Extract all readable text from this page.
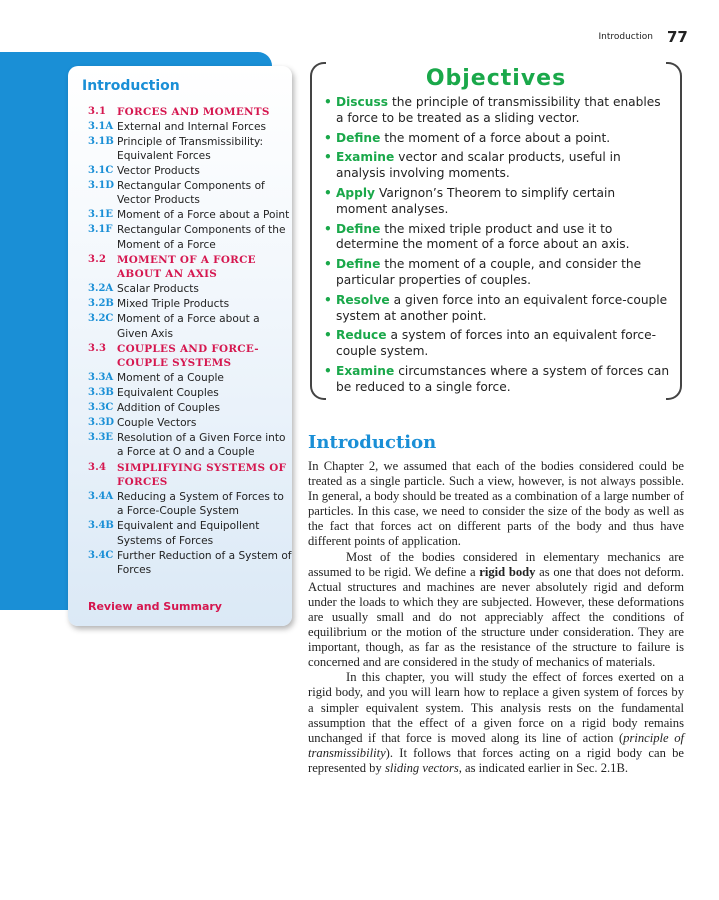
Introduction
3.1	FORCES AND MOMENTS
3.1A External and Internal Forces
3.1B Principle of Transmissibility: Equivalent Forces
3.1C Vector Products
3.1D Rectangular Components of Vector Products
3.1E Moment of a Force about a Point
3.1F Rectangular Components of the Moment of a Force
3.2	MOMENT OF A FORCE ABOUT AN AXIS
3.2A Scalar Products
3.2B Mixed Triple Products
3.2C Moment of a Force about a Given Axis
3.3	COUPLES AND FORCE-COUPLE SYSTEMS
3.3A Moment of a Couple
3.3B Equivalent Couples
3.3C Addition of Couples
3.3D Couple Vectors
3.3E Resolution of a Given Force into a Force at O and a Couple
3.4	SIMPLIFYING SYSTEMS OF FORCES
3.4A Reducing a System of Forces to a Force-Couple System
3.4B Equivalent and Equipollent Systems of Forces
3.4C Further Reduction of a System of Forces
Review and Summary
Introduction 77
Objectives
• Discuss the principle of transmissibility that enables a force to be treated as a sliding vector.
• Define the moment of a force about a point.
• Examine vector and scalar products, useful in analysis involving moments.
• Apply Varignon’s Theorem to simplify certain moment analyses.
• Define the mixed triple product and use it to determine the moment of a force about an axis.
• Define the moment of a couple, and consider the particular properties of couples.
• Resolve a given force into an equivalent force-couple system at another point.
• Reduce a system of forces into an equivalent force-couple system.
• Examine circumstances where a system of forces can be reduced to a single force.
Introduction

In Chapter 2, we assumed that each of the bodies considered could be treated as a single particle. Such a view, however, is not always possible. In general, a body should be treated as a combination of a large number of particles. In this case, we need to consider the size of the body as well as the fact that forces act on different parts of the body and thus have different points of application.

Most of the bodies considered in elementary mechanics are assumed to be rigid. We define a rigid body as one that does not deform. Actual structures and machines are never absolutely rigid and deform under the loads to which they are subjected. However, these deformations are usually small and do not appreciably affect the conditions of equilibrium or the motion of the structure under consideration. They are important, though, as far as the resistance of the structure to failure is concerned and are considered in the study of mechanics of materials.

In this chapter, you will study the effect of forces exerted on a rigid body, and you will learn how to replace a given system of forces by a simpler equivalent system. This analysis rests on the fundamental assumption that the effect of a given force on a rigid body remains unchanged if that force is moved along its line of action (principle of transmissibility). It follows that forces acting on a rigid body can be represented by sliding vectors, as indicated earlier in Sec. 2.1B.
